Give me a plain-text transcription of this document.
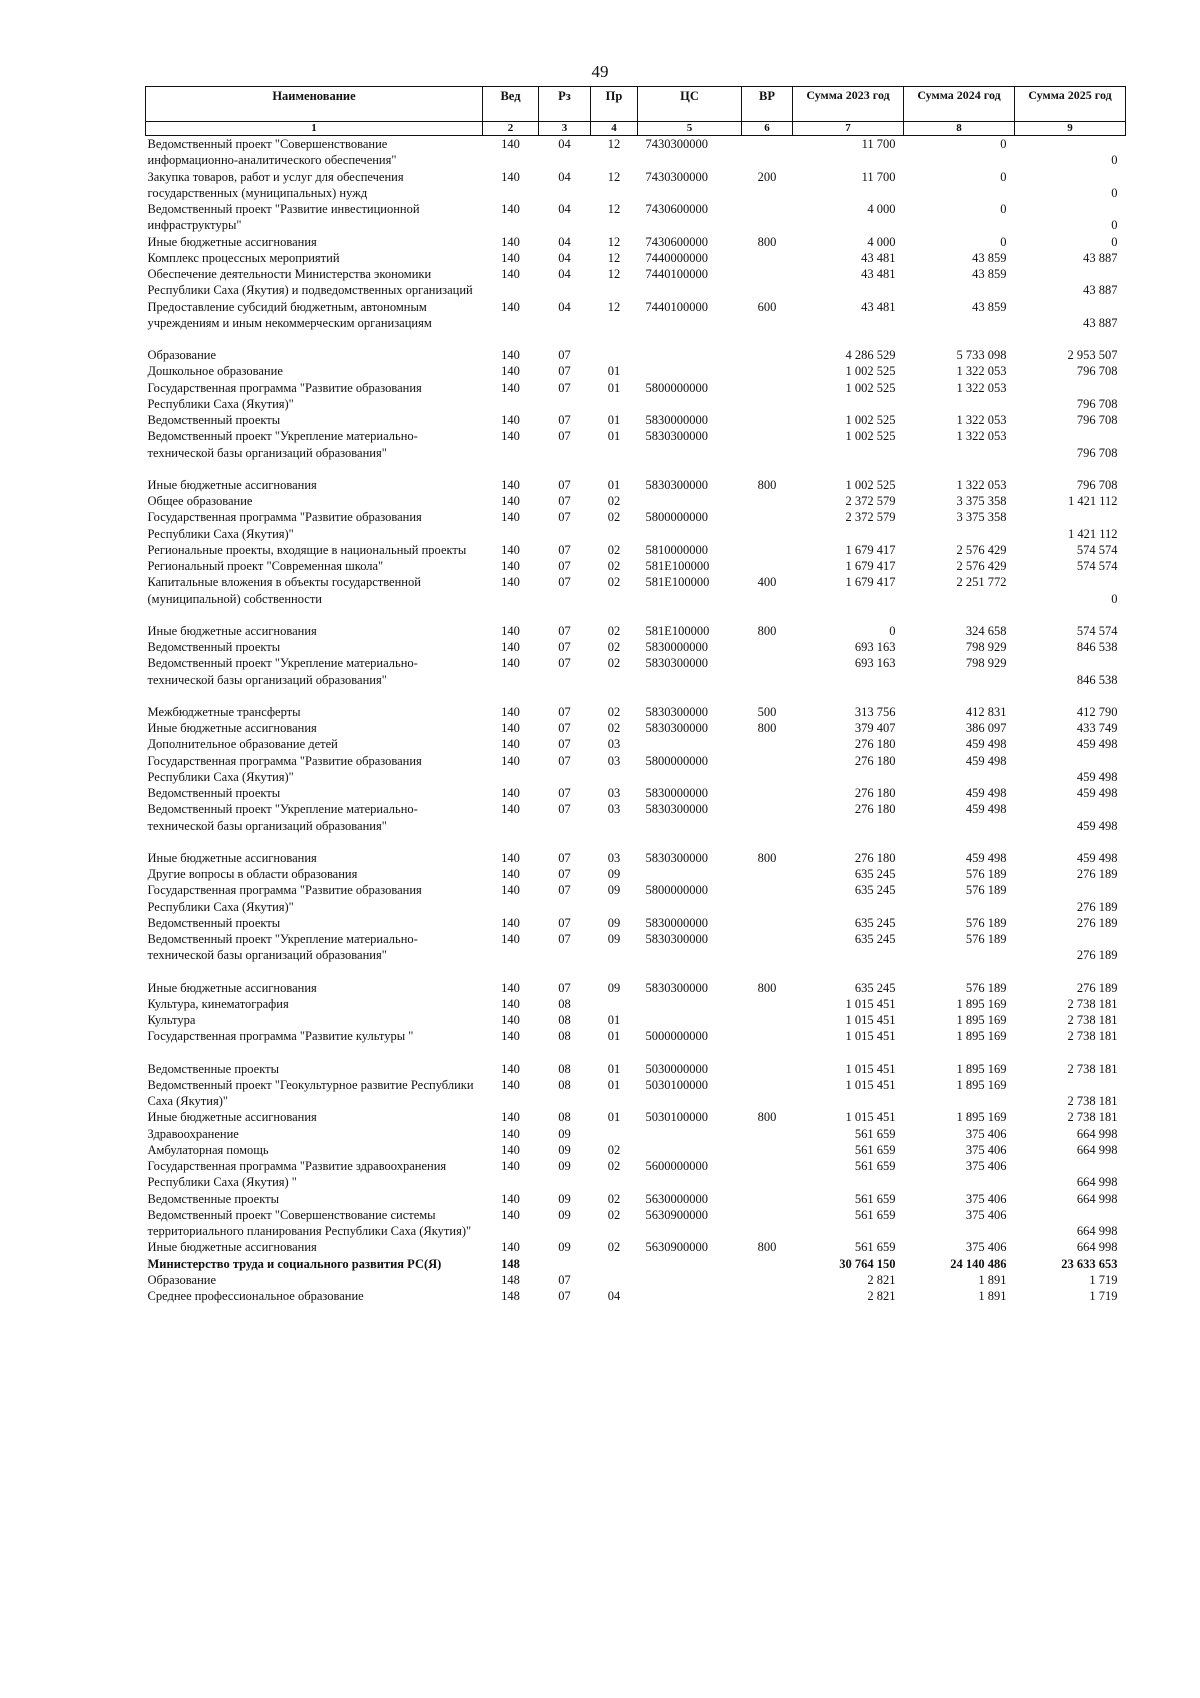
49
Наименование	Вед	Рз	Пр	ЦС	ВР	Сумма 2023 год	Сумма 2024 год	Сумма 2025 год
1	2	3	4	5	6	7	8	9
Ведомственный проект "Совершенствование информационно-аналитического обеспечения"	140	04	12	7430300000		11 700	0	0
Закупка товаров, работ и услуг для обеспечения государственных (муниципальных) нужд	140	04	12	7430300000	200	11 700	0	0
Ведомственный проект "Развитие инвестиционной инфраструктуры"	140	04	12	7430600000		4 000	0	0
Иные бюджетные ассигнования	140	04	12	7430600000	800	4 000	0	0
Комплекс процессных мероприятий	140	04	12	7440000000		43 481	43 859	43 887
Обеспечение деятельности Министерства экономики Республики Саха (Якутия) и подведомственных организаций	140	04	12	7440100000		43 481	43 859	43 887
Предоставление субсидий бюджетным, автономным учреждениям и иным некоммерческим организациям	140	04	12	7440100000	600	43 481	43 859	43 887
Образование	140	07				4 286 529	5 733 098	2 953 507
Дошкольное образование	140	07	01			1 002 525	1 322 053	796 708
Государственная программа "Развитие образования Республики Саха (Якутия)"	140	07	01	5800000000		1 002 525	1 322 053	796 708
Ведомственный проекты	140	07	01	5830000000		1 002 525	1 322 053	796 708
Ведомственный проект "Укрепление материально-технической базы организаций образования"	140	07	01	5830300000		1 002 525	1 322 053	796 708
Иные бюджетные ассигнования	140	07	01	5830300000	800	1 002 525	1 322 053	796 708
Общее образование	140	07	02			2 372 579	3 375 358	1 421 112
Государственная программа "Развитие образования Республики Саха (Якутия)"	140	07	02	5800000000		2 372 579	3 375 358	1 421 112
Региональные проекты, входящие в национальный проекты	140	07	02	5810000000		1 679 417	2 576 429	574 574
Региональный проект "Современная школа"	140	07	02	581E100000		1 679 417	2 576 429	574 574
Капитальные вложения в объекты государственной (муниципальной) собственности	140	07	02	581E100000	400	1 679 417	2 251 772	0
Иные бюджетные ассигнования	140	07	02	581E100000	800	0	324 658	574 574
Ведомственный проекты	140	07	02	5830000000		693 163	798 929	846 538
Ведомственный проект "Укрепление материально-технической базы организаций образования"	140	07	02	5830300000		693 163	798 929	846 538
Межбюджетные трансферты	140	07	02	5830300000	500	313 756	412 831	412 790
Иные бюджетные ассигнования	140	07	02	5830300000	800	379 407	386 097	433 749
Дополнительное образование детей	140	07	03			276 180	459 498	459 498
Государственная программа "Развитие образования Республики Саха (Якутия)"	140	07	03	5800000000		276 180	459 498	459 498
Ведомственный проекты	140	07	03	5830000000		276 180	459 498	459 498
Ведомственный проект "Укрепление материально-технической базы организаций образования"	140	07	03	5830300000		276 180	459 498	459 498
Иные бюджетные ассигнования	140	07	03	5830300000	800	276 180	459 498	459 498
Другие вопросы в области образования	140	07	09			635 245	576 189	276 189
Государственная программа "Развитие образования Республики Саха (Якутия)"	140	07	09	5800000000		635 245	576 189	276 189
Ведомственный проекты	140	07	09	5830000000		635 245	576 189	276 189
Ведомственный проект "Укрепление материально-технической базы организаций образования"	140	07	09	5830300000		635 245	576 189	276 189
Иные бюджетные ассигнования	140	07	09	5830300000	800	635 245	576 189	276 189
Культура, кинематография	140	08				1 015 451	1 895 169	2 738 181
Культура	140	08	01			1 015 451	1 895 169	2 738 181
Государственная программа "Развитие культуры "	140	08	01	5000000000		1 015 451	1 895 169	2 738 181
Ведомственные проекты	140	08	01	5030000000		1 015 451	1 895 169	2 738 181
Ведомственный проект "Геокультурное развитие Республики Саха (Якутия)"	140	08	01	5030100000		1 015 451	1 895 169	2 738 181
Иные бюджетные ассигнования	140	08	01	5030100000	800	1 015 451	1 895 169	2 738 181
Здравоохранение	140	09				561 659	375 406	664 998
Амбулаторная помощь	140	09	02			561 659	375 406	664 998
Государственная программа "Развитие здравоохранения Республики Саха (Якутия) "	140	09	02	5600000000		561 659	375 406	664 998
Ведомственные проекты	140	09	02	5630000000		561 659	375 406	664 998
Ведомственный проект "Совершенствование системы территориального планирования Республики Саха (Якутия)"	140	09	02	5630900000		561 659	375 406	664 998
Иные бюджетные ассигнования	140	09	02	5630900000	800	561 659	375 406	664 998
Министерство труда и социального развития РС(Я)	148					30 764 150	24 140 486	23 633 653
Образование	148	07				2 821	1 891	1 719
Среднее профессиональное образование	148	07	04			2 821	1 891	1 719
